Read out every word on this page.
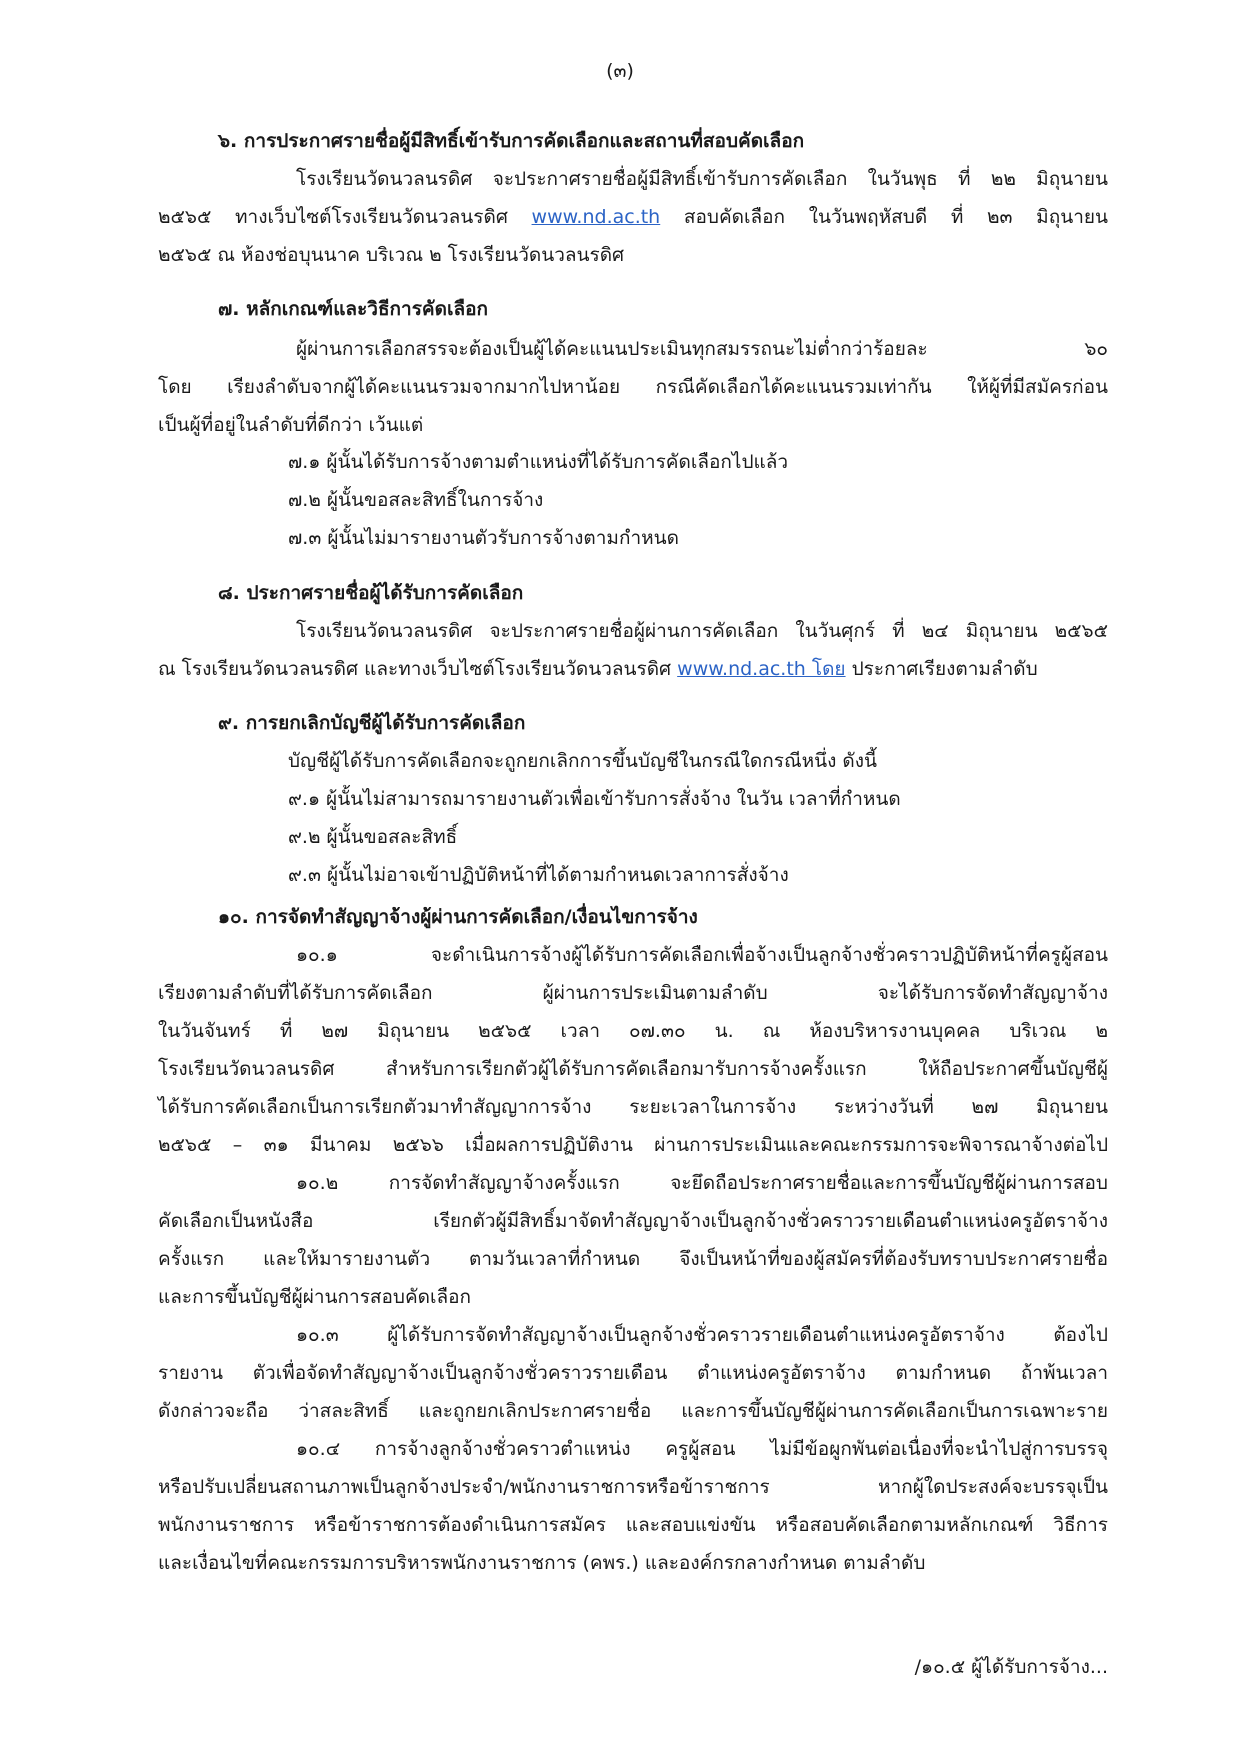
(๓)
๖. การประกาศรายชื่อผู้มีสิทธิ์เข้ารับการคัดเลือกและสถานที่สอบคัดเลือก
โรงเรียนวัดนวลนรดิศ จะประกาศรายชื่อผู้มีสิทธิ์เข้ารับการคัดเลือก ในวันพุธ ที่ ๒๒ มิถุนายน
๒๕๖๕ ทางเว็บไซต์โรงเรียนวัดนวลนรดิศ www.nd.ac.th สอบคัดเลือก ในวันพฤหัสบดี ที่ ๒๓ มิถุนายน
๒๕๖๕ ณ ห้องช่อบุนนาค บริเวณ ๒ โรงเรียนวัดนวลนรดิศ
๗. หลักเกณฑ์และวิธีการคัดเลือก
ผู้ผ่านการเลือกสรรจะต้องเป็นผู้ได้คะแนนประเมินทุกสมรรถนะไม่ต่ำกว่าร้อยละ ๖๐
โดย เรียงลำดับจากผู้ได้คะแนนรวมจากมากไปหาน้อย กรณีคัดเลือกได้คะแนนรวมเท่ากัน ให้ผู้ที่มีสมัครก่อน
เป็นผู้ที่อยู่ในลำดับที่ดีกว่า เว้นแต่
๗.๑ ผู้นั้นได้รับการจ้างตามตำแหน่งที่ได้รับการคัดเลือกไปแล้ว
๗.๒ ผู้นั้นขอสละสิทธิ์ในการจ้าง
๗.๓ ผู้นั้นไม่มารายงานตัวรับการจ้างตามกำหนด
๘. ประกาศรายชื่อผู้ได้รับการคัดเลือก
โรงเรียนวัดนวลนรดิศ จะประกาศรายชื่อผู้ผ่านการคัดเลือก ในวันศุกร์ ที่ ๒๔ มิถุนายน ๒๕๖๕
ณ โรงเรียนวัดนวลนรดิศ และทางเว็บไซต์โรงเรียนวัดนวลนรดิศ www.nd.ac.th โดย ประกาศเรียงตามลำดับ
๙. การยกเลิกบัญชีผู้ได้รับการคัดเลือก
บัญชีผู้ได้รับการคัดเลือกจะถูกยกเลิกการขึ้นบัญชีในกรณีใดกรณีหนึ่ง ดังนี้
๙.๑ ผู้นั้นไม่สามารถมารายงานตัวเพื่อเข้ารับการสั่งจ้าง ในวัน เวลาที่กำหนด
๙.๒ ผู้นั้นขอสละสิทธิ์
๙.๓ ผู้นั้นไม่อาจเข้าปฏิบัติหน้าที่ได้ตามกำหนดเวลาการสั่งจ้าง
๑๐. การจัดทำสัญญาจ้างผู้ผ่านการคัดเลือก/เงื่อนไขการจ้าง
๑๐.๑ จะดำเนินการจ้างผู้ได้รับการคัดเลือกเพื่อจ้างเป็นลูกจ้างชั่วคราวปฏิบัติหน้าที่ครูผู้สอน
เรียงตามลำดับที่ได้รับการคัดเลือก ผู้ผ่านการประเมินตามลำดับ จะได้รับการจัดทำสัญญาจ้าง
ในวันจันทร์ ที่ ๒๗ มิถุนายน ๒๕๖๕ เวลา ๐๗.๓๐ น. ณ ห้องบริหารงานบุคคล บริเวณ ๒
โรงเรียนวัดนวลนรดิศ สำหรับการเรียกตัวผู้ได้รับการคัดเลือกมารับการจ้างครั้งแรก ให้ถือประกาศขึ้นบัญชีผู้
ได้รับการคัดเลือกเป็นการเรียกตัวมาทำสัญญาการจ้าง ระยะเวลาในการจ้าง ระหว่างวันที่ ๒๗ มิถุนายน
๒๕๖๕ – ๓๑ มีนาคม ๒๕๖๖ เมื่อผลการปฏิบัติงาน ผ่านการประเมินและคณะกรรมการจะพิจารณาจ้างต่อไป
๑๐.๒ การจัดทำสัญญาจ้างครั้งแรก จะยึดถือประกาศรายชื่อและการขึ้นบัญชีผู้ผ่านการสอบ
คัดเลือกเป็นหนังสือ เรียกตัวผู้มีสิทธิ์มาจัดทำสัญญาจ้างเป็นลูกจ้างชั่วคราวรายเดือนตำแหน่งครูอัตราจ้าง
ครั้งแรก และให้มารายงานตัว ตามวันเวลาที่กำหนด จึงเป็นหน้าที่ของผู้สมัครที่ต้องรับทราบประกาศรายชื่อ
และการขึ้นบัญชีผู้ผ่านการสอบคัดเลือก
๑๐.๓ ผู้ได้รับการจัดทำสัญญาจ้างเป็นลูกจ้างชั่วคราวรายเดือนตำแหน่งครูอัตราจ้าง ต้องไป
รายงาน ตัวเพื่อจัดทำสัญญาจ้างเป็นลูกจ้างชั่วคราวรายเดือน ตำแหน่งครูอัตราจ้าง ตามกำหนด ถ้าพ้นเวลา
ดังกล่าวจะถือ ว่าสละสิทธิ์ และถูกยกเลิกประกาศรายชื่อ และการขึ้นบัญชีผู้ผ่านการคัดเลือกเป็นการเฉพาะราย
๑๐.๔ การจ้างลูกจ้างชั่วคราวตำแหน่ง ครูผู้สอน ไม่มีข้อผูกพันต่อเนื่องที่จะนำไปสู่การบรรจุ
หรือปรับเปลี่ยนสถานภาพเป็นลูกจ้างประจำ/พนักงานราชการหรือข้าราชการ หากผู้ใดประสงค์จะบรรจุเป็น
พนักงานราชการ หรือข้าราชการต้องดำเนินการสมัคร และสอบแข่งขัน หรือสอบคัดเลือกตามหลักเกณฑ์ วิธีการ
และเงื่อนไขที่คณะกรรมการบริหารพนักงานราชการ (คพร.) และองค์กรกลางกำหนด ตามลำดับ
/๑๐.๕ ผู้ได้รับการจ้าง...
